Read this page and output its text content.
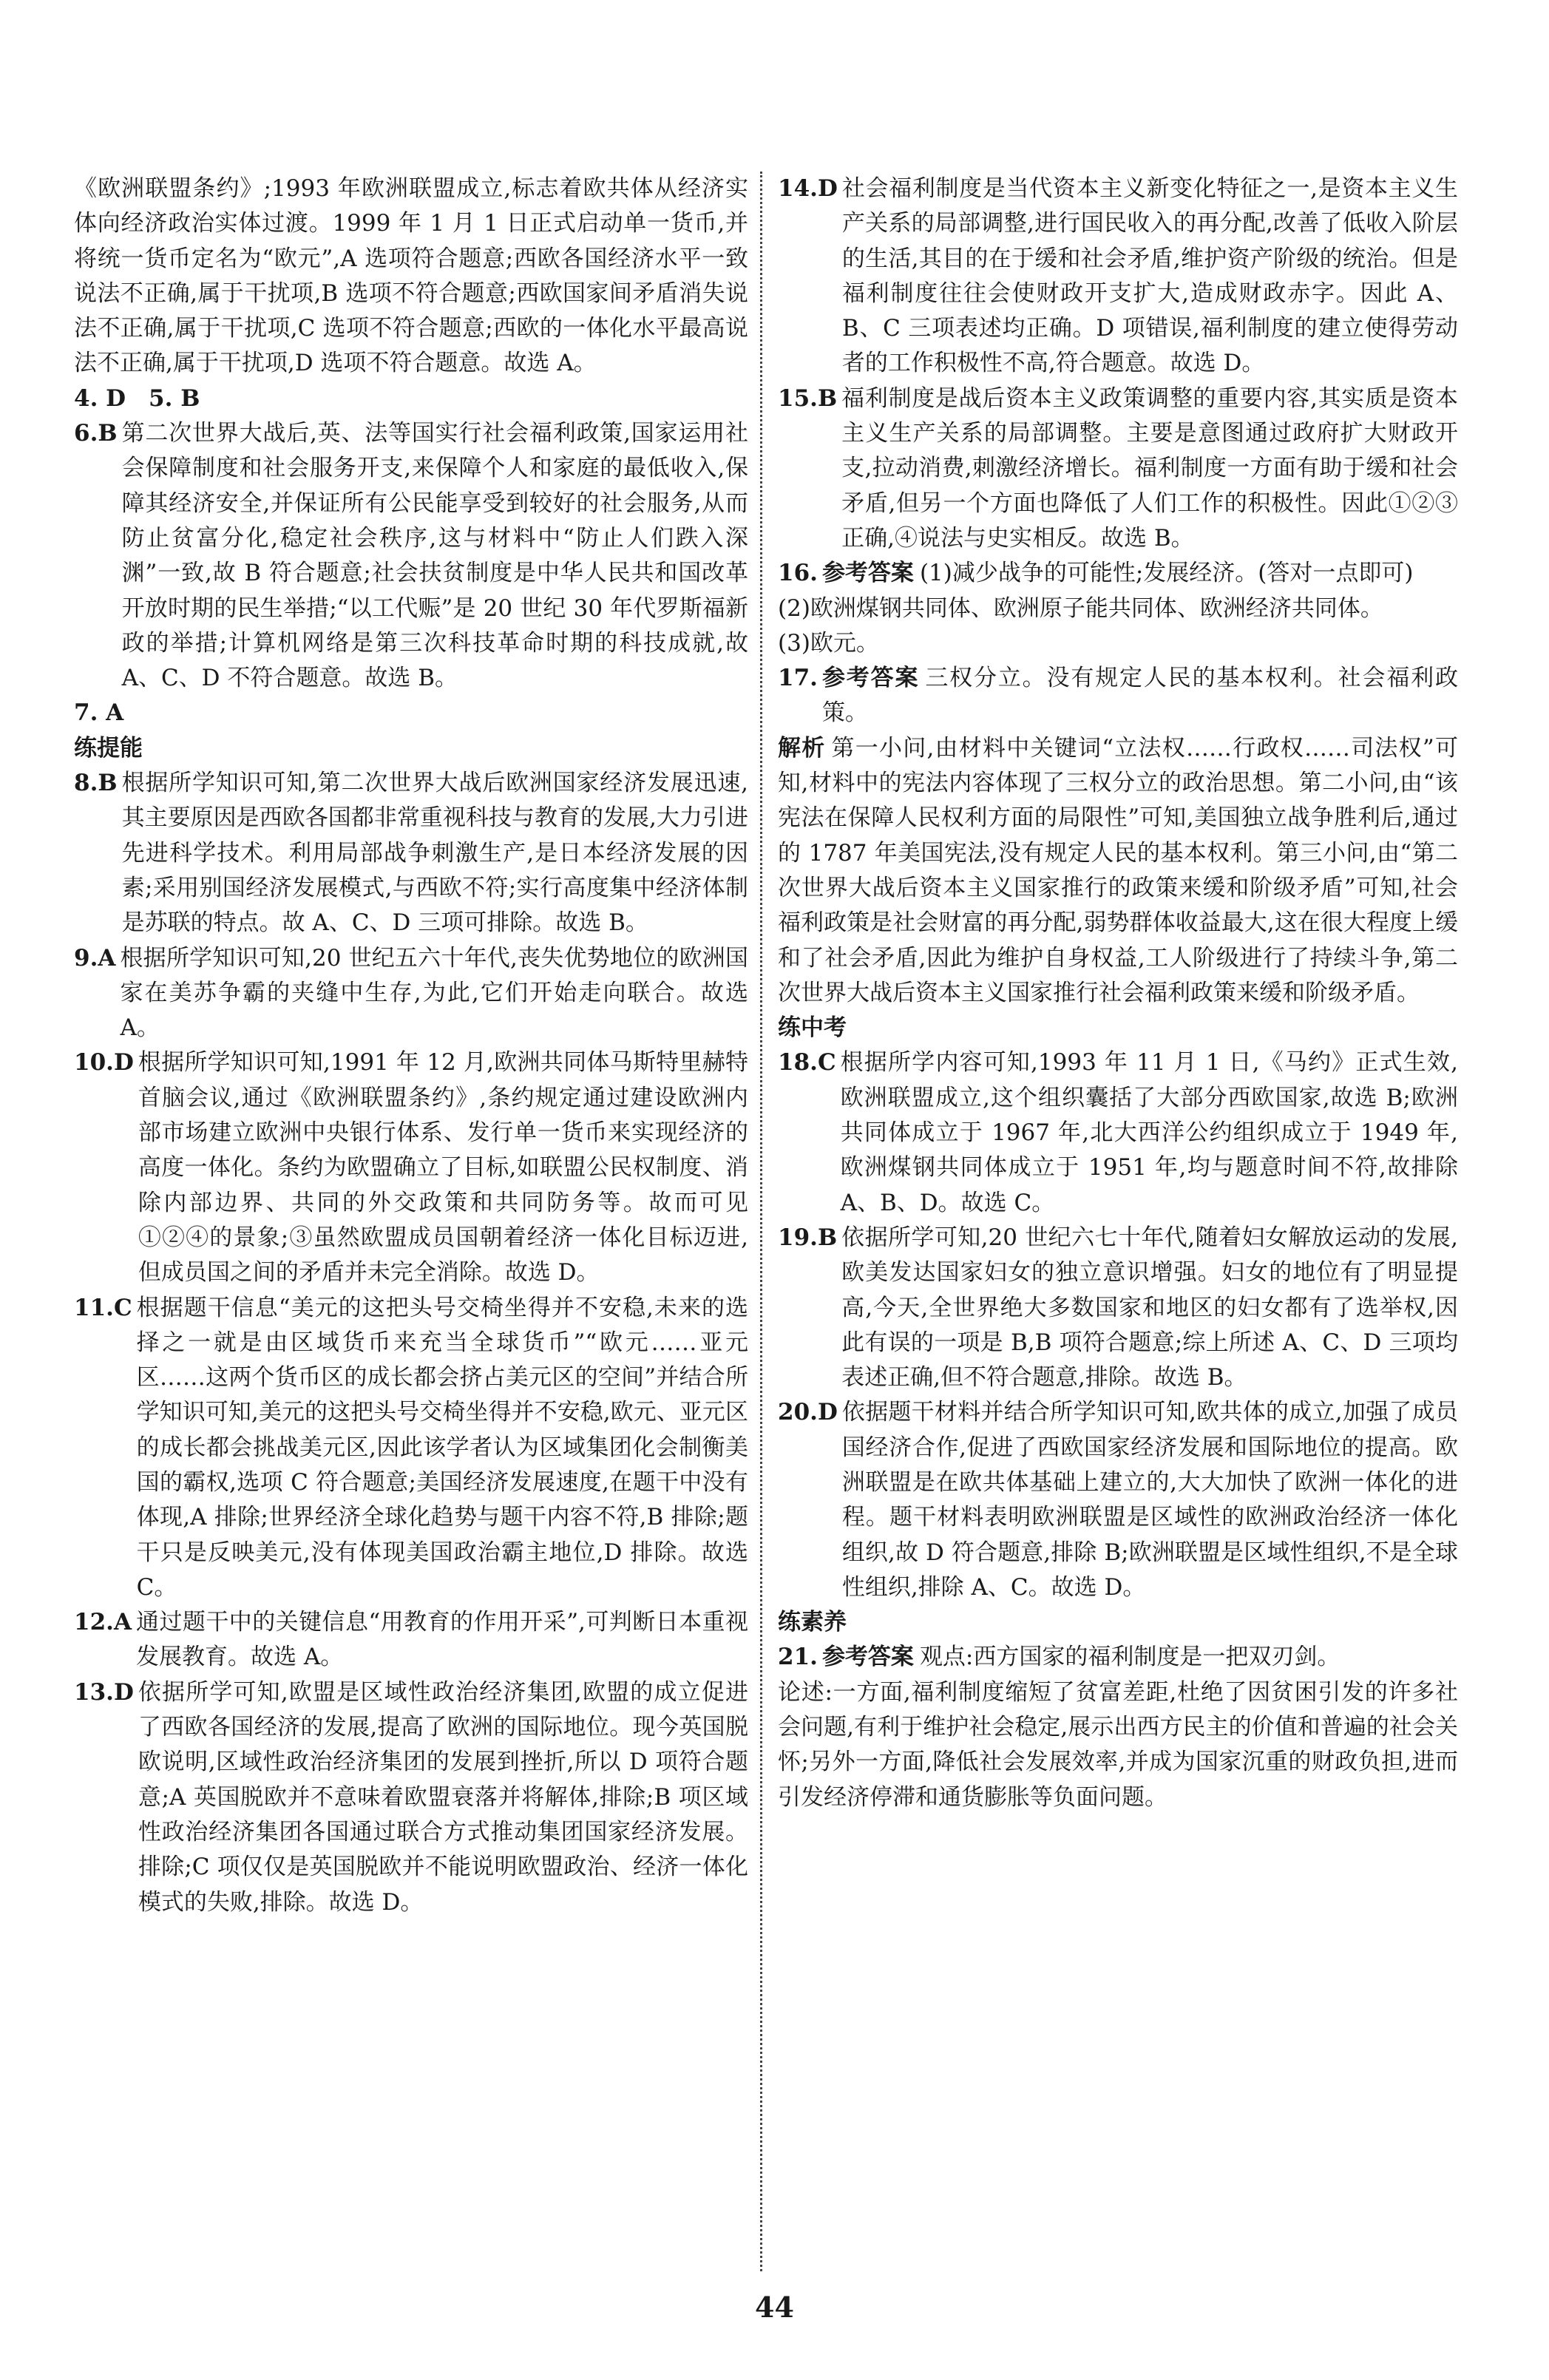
《欧洲联盟条约》;1993 年欧洲联盟成立,标志着欧共体从经济实体向经济政治实体过渡。1999 年 1 月 1 日正式启动单一货币,并将统一货币定名为“欧元”,A 选项符合题意;西欧各国经济水平一致说法不正确,属于干扰项,B 选项不符合题意;西欧国家间矛盾消失说法不正确,属于干扰项,C 选项不符合题意;西欧的一体化水平最高说法不正确,属于干扰项,D 选项不符合题意。故选 A。

4. D　5. B

6. B 第二次世界大战后,英、法等国实行社会福利政策,国家运用社会保障制度和社会服务开支,来保障个人和家庭的最低收入,保障其经济安全,并保证所有公民能享受到较好的社会服务,从而防止贫富分化,稳定社会秩序,这与材料中“防止人们跌入深渊”一致,故 B 符合题意;社会扶贫制度是中华人民共和国改革开放时期的民生举措;“以工代赈”是 20 世纪 30 年代罗斯福新政的举措;计算机网络是第三次科技革命时期的科技成就,故 A、C、D 不符合题意。故选 B。

7. A

练提能

8. B 根据所学知识可知,第二次世界大战后欧洲国家经济发展迅速,其主要原因是西欧各国都非常重视科技与教育的发展,大力引进先进科学技术。利用局部战争刺激生产,是日本经济发展的因素;采用别国经济发展模式,与西欧不符;实行高度集中经济体制是苏联的特点。故 A、C、D 三项可排除。故选 B。
9. A 根据所学知识可知,20 世纪五六十年代,丧失优势地位的欧洲国家在美苏争霸的夹缝中生存,为此,它们开始走向联合。故选 A。
10. D 根据所学知识可知,1991 年 12 月,欧洲共同体马斯特里赫特首脑会议,通过《欧洲联盟条约》,条约规定通过建设欧洲内部市场建立欧洲中央银行体系、发行单一货币来实现经济的高度一体化。条约为欧盟确立了目标,如联盟公民权制度、消除内部边界、共同的外交政策和共同防务等。故而可见①②④的景象;③虽然欧盟成员国朝着经济一体化目标迈进,但成员国之间的矛盾并未完全消除。故选 D。
11. C 根据题干信息“美元的这把头号交椅坐得并不安稳,未来的选择之一就是由区域货币来充当全球货币”“欧元……亚元区……这两个货币区的成长都会挤占美元区的空间”并结合所学知识可知,美元的这把头号交椅坐得并不安稳,欧元、亚元区的成长都会挑战美元区,因此该学者认为区域集团化会制衡美国的霸权,选项 C 符合题意;美国经济发展速度,在题干中没有体现,A 排除;世界经济全球化趋势与题干内容不符,B 排除;题干只是反映美元,没有体现美国政治霸主地位,D 排除。故选 C。
12. A 通过题干中的关键信息“用教育的作用开采”,可判断日本重视发展教育。故选 A。
13. D 依据所学可知,欧盟是区域性政治经济集团,欧盟的成立促进了西欧各国经济的发展,提高了欧洲的国际地位。现今英国脱欧说明,区域性政治经济集团的发展到挫折,所以 D 项符合题意;A 英国脱欧并不意味着欧盟衰落并将解体,排除;B 项区域性政治经济集团各国通过联合方式推动集团国家经济发展。排除;C 项仅仅是英国脱欧并不能说明欧盟政治、经济一体化模式的失败,排除。故选 D。
14. D 社会福利制度是当代资本主义新变化特征之一,是资本主义生产关系的局部调整,进行国民收入的再分配,改善了低收入阶层的生活,其目的在于缓和社会矛盾,维护资产阶级的统治。但是福利制度往往会使财政开支扩大,造成财政赤字。因此 A、B、C 三项表述均正确。D 项错误,福利制度的建立使得劳动者的工作积极性不高,符合题意。故选 D。
15. B 福利制度是战后资本主义政策调整的重要内容,其实质是资本主义生产关系的局部调整。主要是意图通过政府扩大财政开支,拉动消费,刺激经济增长。福利制度一方面有助于缓和社会矛盾,但另一个方面也降低了人们工作的积极性。因此①②③正确,④说法与史实相反。故选 B。
16. 参考答案 (1)减少战争的可能性;发展经济。(答对一点即可)

(2)欧洲煤钢共同体、欧洲原子能共同体、欧洲经济共同体。

(3)欧元。

17. 参考答案 三权分立。没有规定人民的基本权利。社会福利政策。

解析 第一小问,由材料中关键词“立法权……行政权……司法权”可知,材料中的宪法内容体现了三权分立的政治思想。第二小问,由“该宪法在保障人民权利方面的局限性”可知,美国独立战争胜利后,通过的 1787 年美国宪法,没有规定人民的基本权利。第三小问,由“第二次世界大战后资本主义国家推行的政策来缓和阶级矛盾”可知,社会福利政策是社会财富的再分配,弱势群体收益最大,这在很大程度上缓和了社会矛盾,因此为维护自身权益,工人阶级进行了持续斗争,第二次世界大战后资本主义国家推行社会福利政策来缓和阶级矛盾。

练中考

18. C 根据所学内容可知,1993 年 11 月 1 日,《马约》正式生效,欧洲联盟成立,这个组织囊括了大部分西欧国家,故选 B;欧洲共同体成立于 1967 年,北大西洋公约组织成立于 1949 年,欧洲煤钢共同体成立于 1951 年,均与题意时间不符,故排除 A、B、D。故选 C。
19. B 依据所学可知,20 世纪六七十年代,随着妇女解放运动的发展,欧美发达国家妇女的独立意识增强。妇女的地位有了明显提高,今天,全世界绝大多数国家和地区的妇女都有了选举权,因此有误的一项是 B,B 项符合题意;综上所述 A、C、D 三项均表述正确,但不符合题意,排除。故选 B。
20. D 依据题干材料并结合所学知识可知,欧共体的成立,加强了成员国经济合作,促进了西欧国家经济发展和国际地位的提高。欧洲联盟是在欧共体基础上建立的,大大加快了欧洲一体化的进程。题干材料表明欧洲联盟是区域性的欧洲政治经济一体化组织,故 D 符合题意,排除 B;欧洲联盟是区域性组织,不是全球性组织,排除 A、C。故选 D。

练素养

21. 参考答案 观点:西方国家的福利制度是一把双刃剑。

论述:一方面,福利制度缩短了贫富差距,杜绝了因贫困引发的许多社会问题,有利于维护社会稳定,展示出西方民主的价值和普遍的社会关怀;另外一方面,降低社会发展效率,并成为国家沉重的财政负担,进而引发经济停滞和通货膨胀等负面问题。

44
